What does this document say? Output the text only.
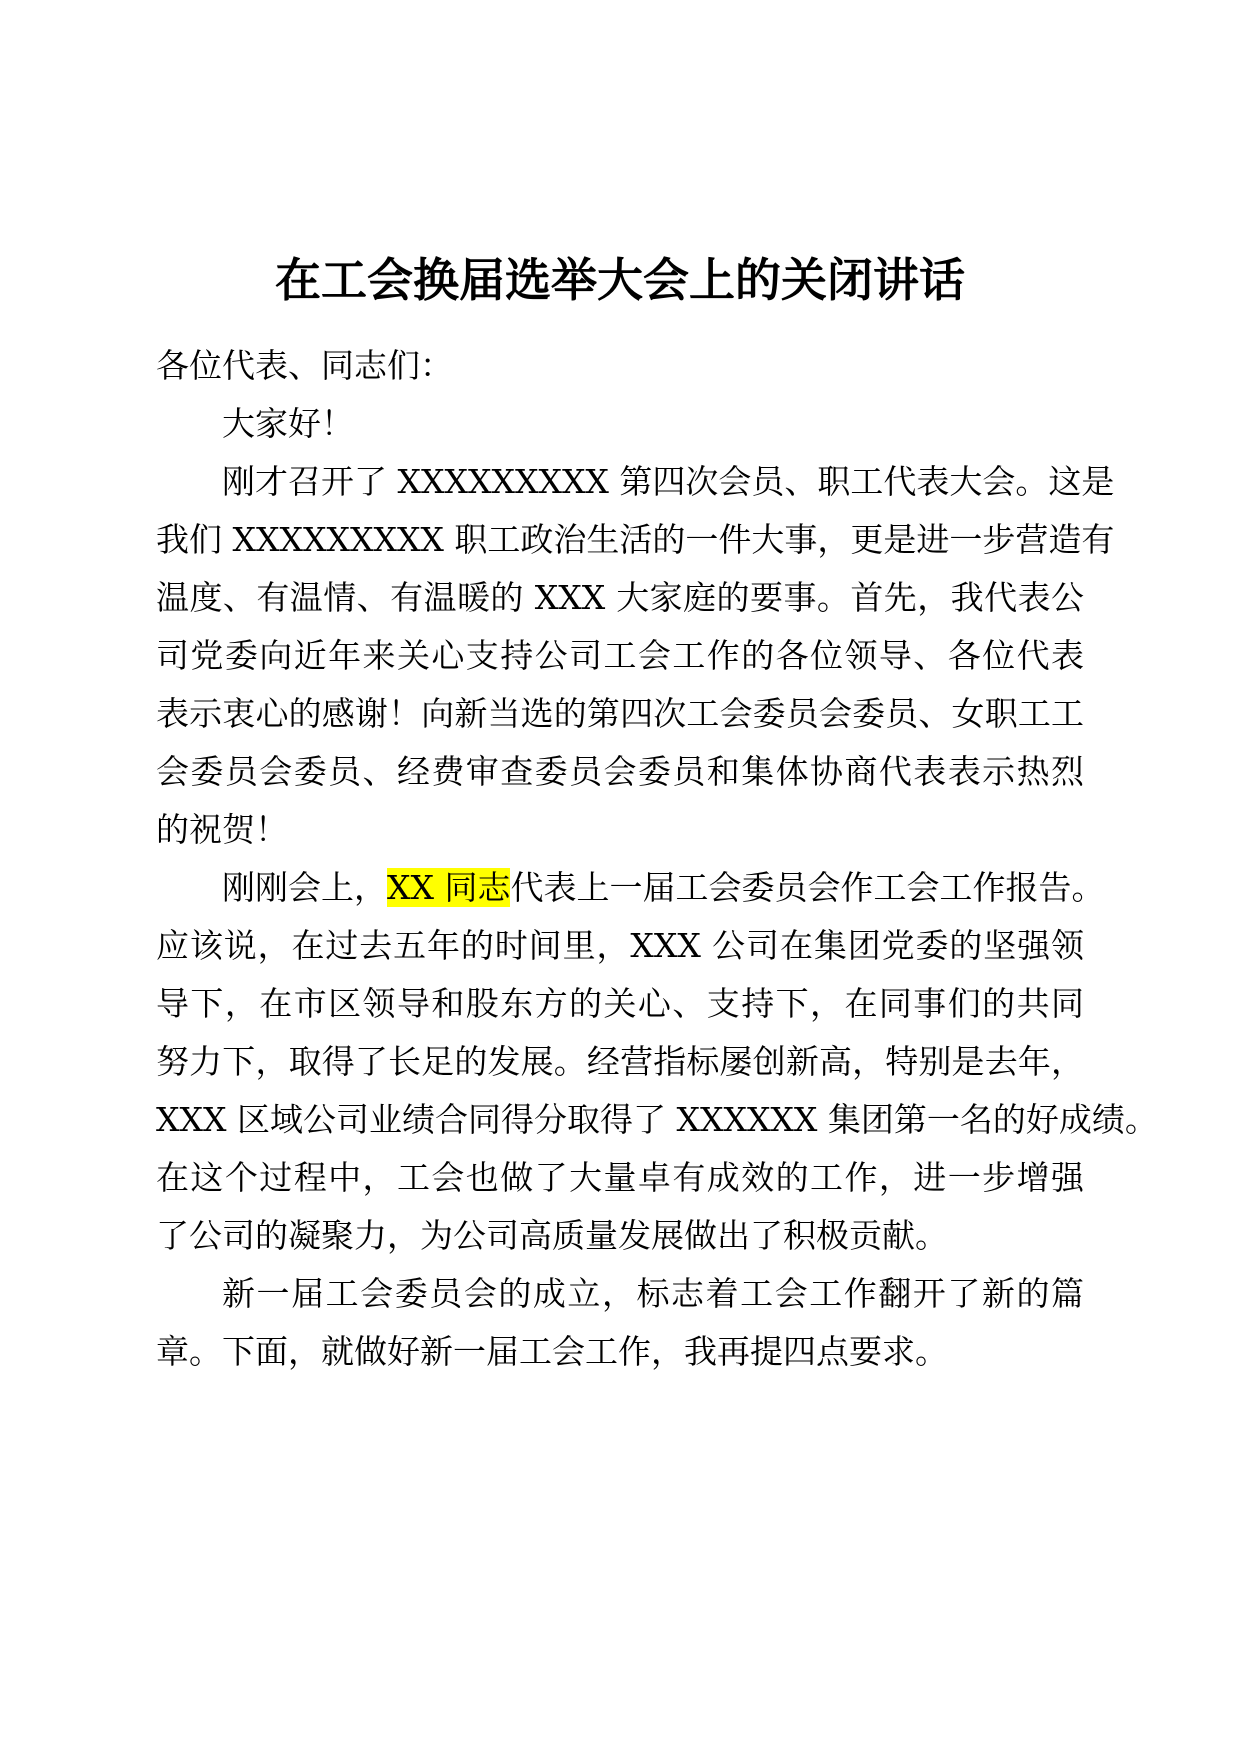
在工会换届选举大会上的关闭讲话
各位代表、同志们：
大家好！
刚才召开了 XXXXXXXXX 第四次会员、职工代表大会。这是
我们 XXXXXXXXX 职工政治生活的一件大事，更是进一步营造有
温度、有温情、有温暖的 XXX 大家庭的要事。首先，我代表公
司党委向近年来关心支持公司工会工作的各位领导、各位代表
表示衷心的感谢！向新当选的第四次工会委员会委员、女职工工
会委员会委员、经费审查委员会委员和集体协商代表表示热烈
的祝贺！
刚刚会上，XX 同志代表上一届工会委员会作工会工作报告。
应该说，在过去五年的时间里，XXX 公司在集团党委的坚强领
导下，在市区领导和股东方的关心、支持下，在同事们的共同
努力下，取得了长足的发展。经营指标屡创新高，特别是去年，
XXX 区域公司业绩合同得分取得了 XXXXXX 集团第一名的好成绩。
在这个过程中，工会也做了大量卓有成效的工作，进一步增强
了公司的凝聚力，为公司高质量发展做出了积极贡献。
新一届工会委员会的成立，标志着工会工作翻开了新的篇
章。下面，就做好新一届工会工作，我再提四点要求。
